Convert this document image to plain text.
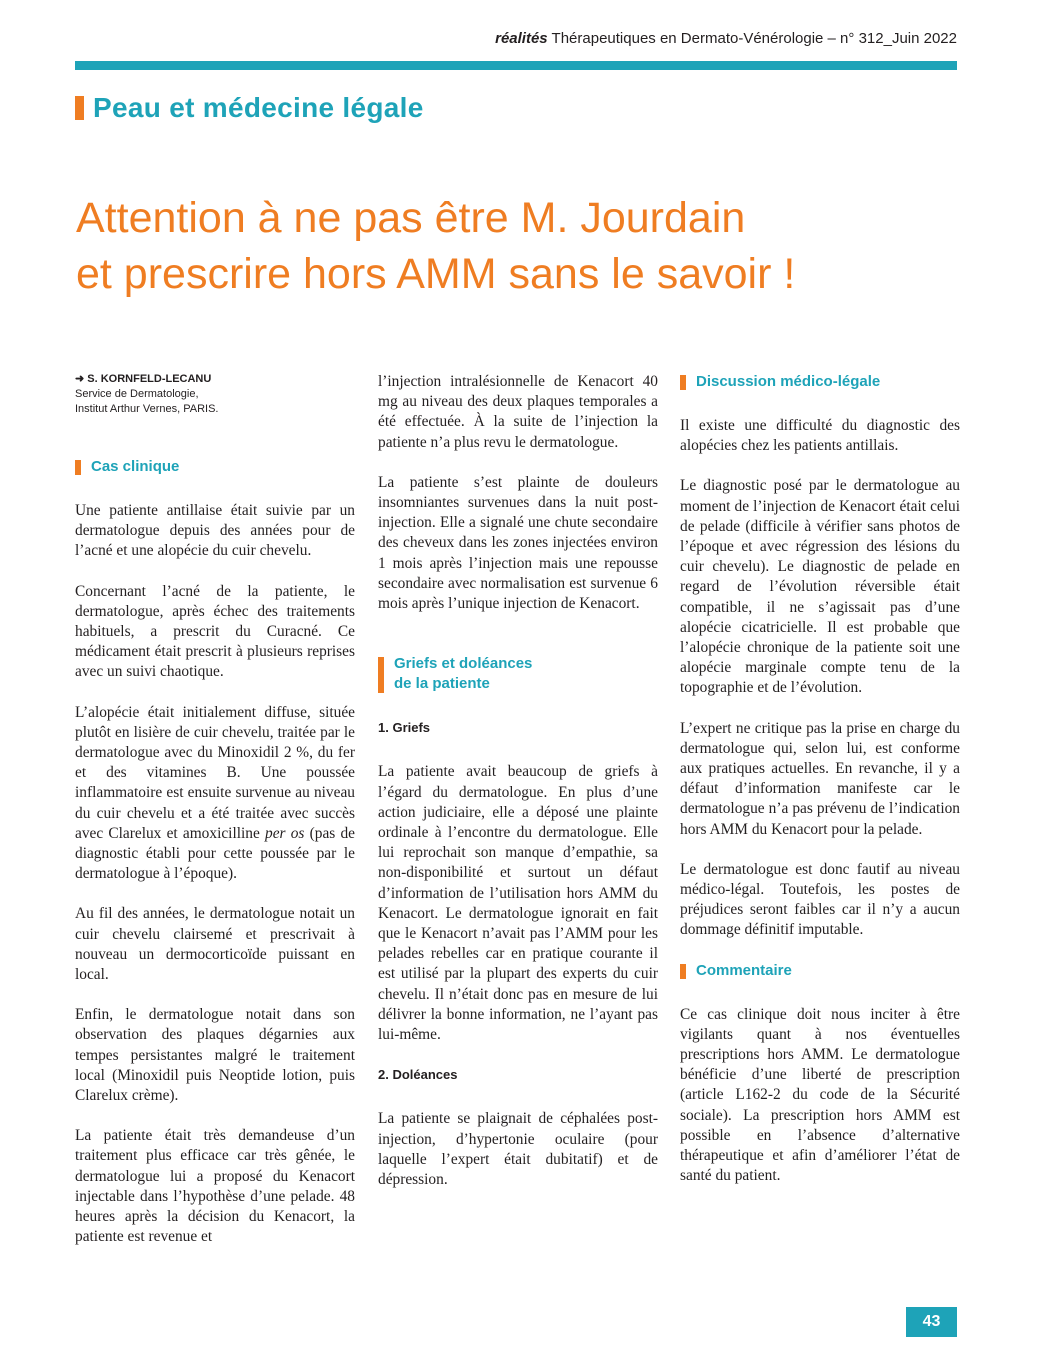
réalités Thérapeutiques en Dermato-Vénérologie – n° 312_Juin 2022
Peau et médecine légale
Attention à ne pas être M. Jourdain
et prescrire hors AMM sans le savoir !
➜ S. KORNFELD-LECANU
Service de Dermatologie,
Institut Arthur Vernes, PARIS.
Cas clinique

Une patiente antillaise était suivie par un dermatologue depuis des années pour de l’acné et une alopécie du cuir chevelu.

Concernant l’acné de la patiente, le dermatologue, après échec des traitements habituels, a prescrit du Curacné. Ce médicament était prescrit à plusieurs reprises avec un suivi chaotique.

L’alopécie était initialement diffuse, située plutôt en lisière de cuir chevelu, traitée par le dermatologue avec du Minoxidil 2 %, du fer et des vitamines B. Une poussée inflammatoire est ensuite survenue au niveau du cuir chevelu et a été traitée avec succès avec Clarelux et amoxicilline per os (pas de diagnostic établi pour cette poussée par le dermatologue à l’époque).

Au fil des années, le dermatologue notait un cuir chevelu clairsemé et prescrivait à nouveau un dermocorticoïde puissant en local.

Enfin, le dermatologue notait dans son observation des plaques dégarnies aux tempes persistantes malgré le traitement local (Minoxidil puis Neoptide lotion, puis Clarelux crème).

La patiente était très demandeuse d’un traitement plus efficace car très gênée, le dermatologue lui a proposé du Kenacort injectable dans l’hypothèse d’une pelade. 48 heures après la décision du Kenacort, la patiente est revenue et

l’injection intralésionnelle de Kenacort 40 mg au niveau des deux plaques temporales a été effectuée. À la suite de l’injection la patiente n’a plus revu le dermatologue.

La patiente s’est plainte de douleurs insomniantes survenues dans la nuit post-injection. Elle a signalé une chute secondaire des cheveux dans les zones injectées environ 1 mois après l’injection mais une repousse secondaire avec normalisation est survenue 6 mois après l’unique injection de Kenacort.

Griefs et doléances
de la patiente
1. Griefs

La patiente avait beaucoup de griefs à l’égard du dermatologue. En plus d’une action judiciaire, elle a déposé une plainte ordinale à l’encontre du dermatologue. Elle lui reprochait son manque d’empathie, sa non-disponibilité et surtout un défaut d’information de l’utilisation hors AMM du Kenacort. Le dermatologue ignorait en fait que le Kenacort n’avait pas l’AMM pour les pelades rebelles car en pratique courante il est utilisé par la plupart des experts du cuir chevelu. Il n’était donc pas en mesure de lui délivrer la bonne information, ne l’ayant pas lui-même.

2. Doléances

La patiente se plaignait de céphalées post-injection, d’hypertonie oculaire (pour laquelle l’expert était dubitatif) et de dépression.

Discussion médico-légale

Il existe une difficulté du diagnostic des alopécies chez les patients antillais.

Le diagnostic posé par le dermatologue au moment de l’injection de Kenacort était celui de pelade (difficile à vérifier sans photos de l’époque et avec régression des lésions du cuir chevelu). Le diagnostic de pelade en regard de l’évolution réversible était compatible, il ne s’agissait pas d’une alopécie cicatricielle. Il est probable que l’alopécie chronique de la patiente soit une alopécie marginale compte tenu de la topographie et de l’évolution.

L’expert ne critique pas la prise en charge du dermatologue qui, selon lui, est conforme aux pratiques actuelles. En revanche, il y a défaut d’information manifeste car le dermatologue n’a pas prévenu de l’indication hors AMM du Kenacort pour la pelade.

Le dermatologue est donc fautif au niveau médico-légal. Toutefois, les postes de préjudices seront faibles car il n’y a aucun dommage définitif imputable.

Commentaire

Ce cas clinique doit nous inciter à être vigilants quant à nos éventuelles prescriptions hors AMM. Le dermatologue bénéficie d’une liberté de prescription (article L162-2 du code de la Sécurité sociale). La prescription hors AMM est possible en l’absence d’alternative thérapeutique et afin d’améliorer l’état de santé du patient.

43
